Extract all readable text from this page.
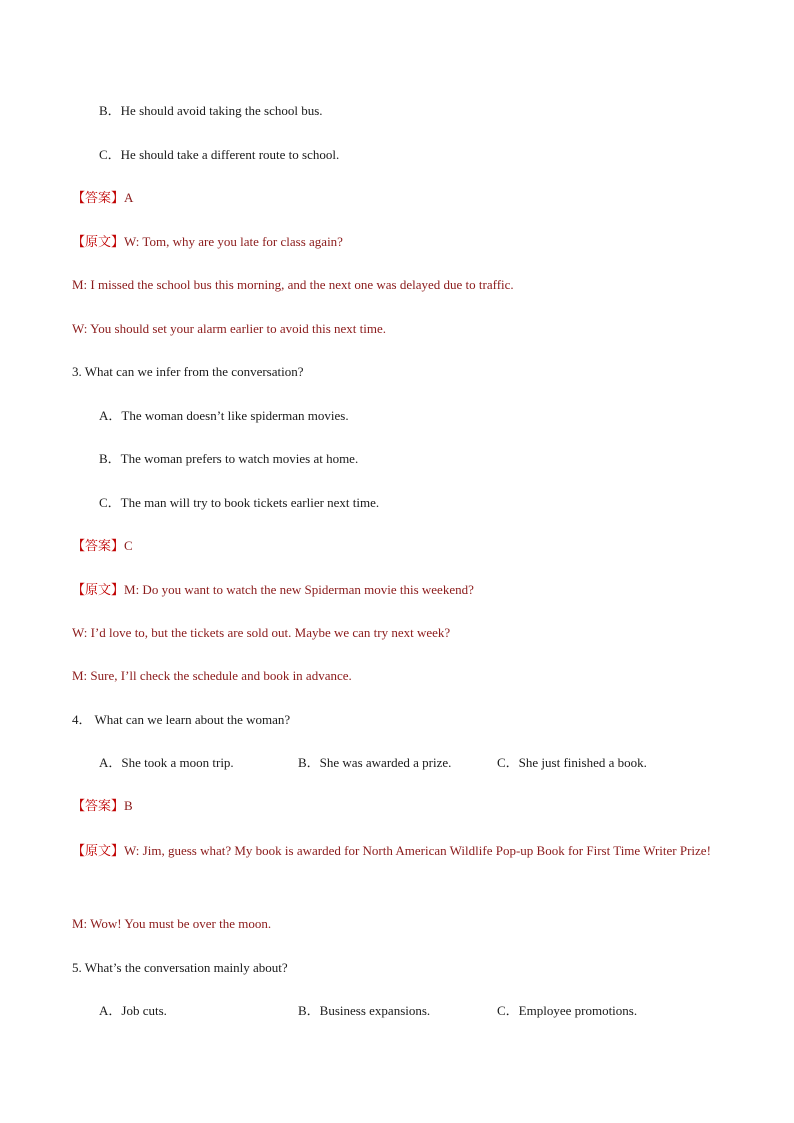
B．He should avoid taking the school bus.
C．He should take a different route to school.
【答案】A
【原文】W: Tom, why are you late for class again?
M: I missed the school bus this morning, and the next one was delayed due to traffic.
W: You should set your alarm earlier to avoid this next time.
3. What can we infer from the conversation?
A．The woman doesn’t like spiderman movies.
B．The woman prefers to watch movies at home.
C．The man will try to book tickets earlier next time.
【答案】C
【原文】M: Do you want to watch the new Spiderman movie this weekend?
W: I’d love to, but the tickets are sold out. Maybe we can try next week?
M: Sure, I’ll check the schedule and book in advance.
4． What can we learn about the woman?
A．She took a moon trip.	B．She was awarded a prize.	C．She just finished a book.
【答案】B
【原文】W: Jim, guess what? My book is awarded for North American Wildlife Pop-up Book for First Time Writer Prize!
M: Wow! You must be over the moon.
5. What’s the conversation mainly about?
A．Job cuts.	B．Business expansions.	C．Employee promotions.
